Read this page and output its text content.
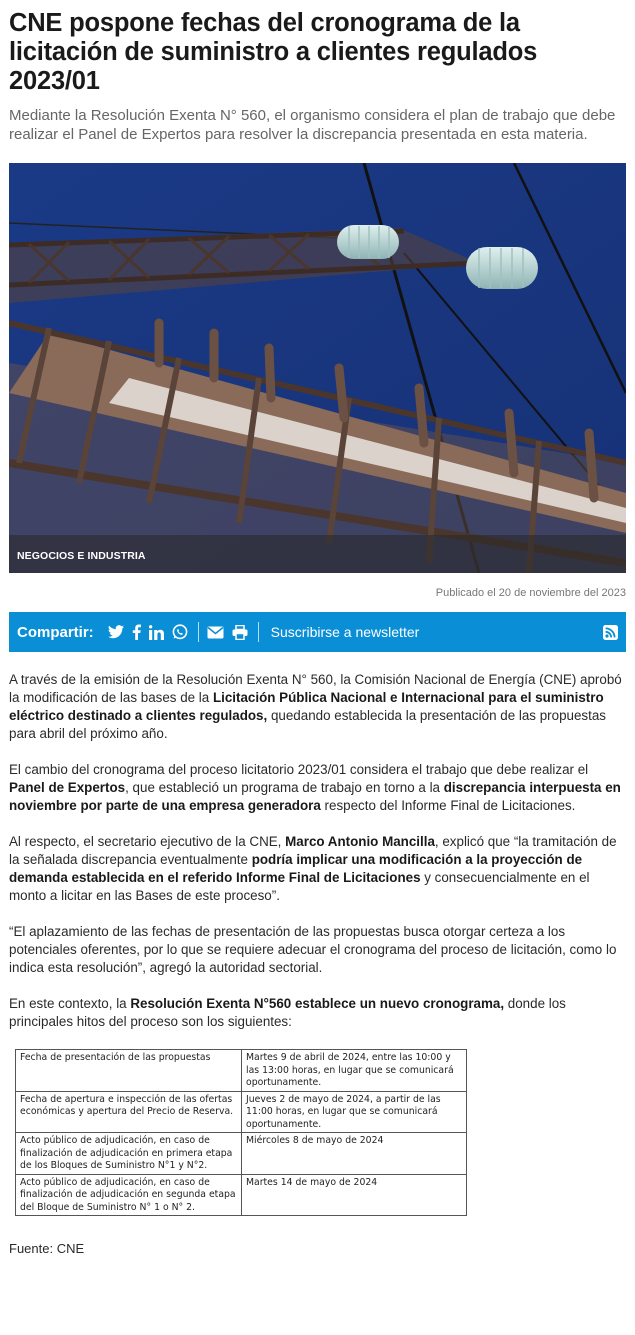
CNE pospone fechas del cronograma de la licitación de suministro a clientes regulados 2023/01

Mediante la Resolución Exenta N° 560, el organismo considera el plan de trabajo que debe realizar el Panel de Expertos para resolver la discrepancia presentada en esta materia.

NEGOCIOS E INDUSTRIA
Publicado el 20 de noviembre del 2023
Compartir:	Suscribirse a newsletter

A través de la emisión de la Resolución Exenta N° 560, la Comisión Nacional de Energía (CNE) aprobó la modificación de las bases de la Licitación Pública Nacional e Internacional para el suministro eléctrico destinado a clientes regulados, quedando establecida la presentación de las propuestas para abril del próximo año.

El cambio del cronograma del proceso licitatorio 2023/01 considera el trabajo que debe realizar el Panel de Expertos, que estableció un programa de trabajo en torno a la discrepancia interpuesta en noviembre por parte de una empresa generadora respecto del Informe Final de Licitaciones.

Al respecto, el secretario ejecutivo de la CNE, Marco Antonio Mancilla, explicó que “la tramitación de la señalada discrepancia eventualmente podría implicar una modificación a la proyección de demanda establecida en el referido Informe Final de Licitaciones y consecuencialmente en el monto a licitar en las Bases de este proceso”.

“El aplazamiento de las fechas de presentación de las propuestas busca otorgar certeza a los potenciales oferentes, por lo que se requiere adecuar el cronograma del proceso de licitación, como lo indica esta resolución”, agregó la autoridad sectorial.

En este contexto, la Resolución Exenta N°560 establece un nuevo cronograma, donde los principales hitos del proceso son los siguientes:

Fecha de presentación de las propuestas	Martes 9 de abril de 2024, entre las 10:00 y las 13:00 horas, en lugar que se comunicará oportunamente.
Fecha de apertura e inspección de las ofertas económicas y apertura del Precio de Reserva.	Jueves 2 de mayo de 2024, a partir de las 11:00 horas, en lugar que se comunicará oportunamente.
Acto público de adjudicación, en caso de finalización de adjudicación en primera etapa de los Bloques de Suministro N°1 y N°2.	Miércoles 8 de mayo de 2024
Acto público de adjudicación, en caso de finalización de adjudicación en segunda etapa del Bloque de Suministro N° 1 o N° 2.	Martes 14 de mayo de 2024
Fuente: CNE
